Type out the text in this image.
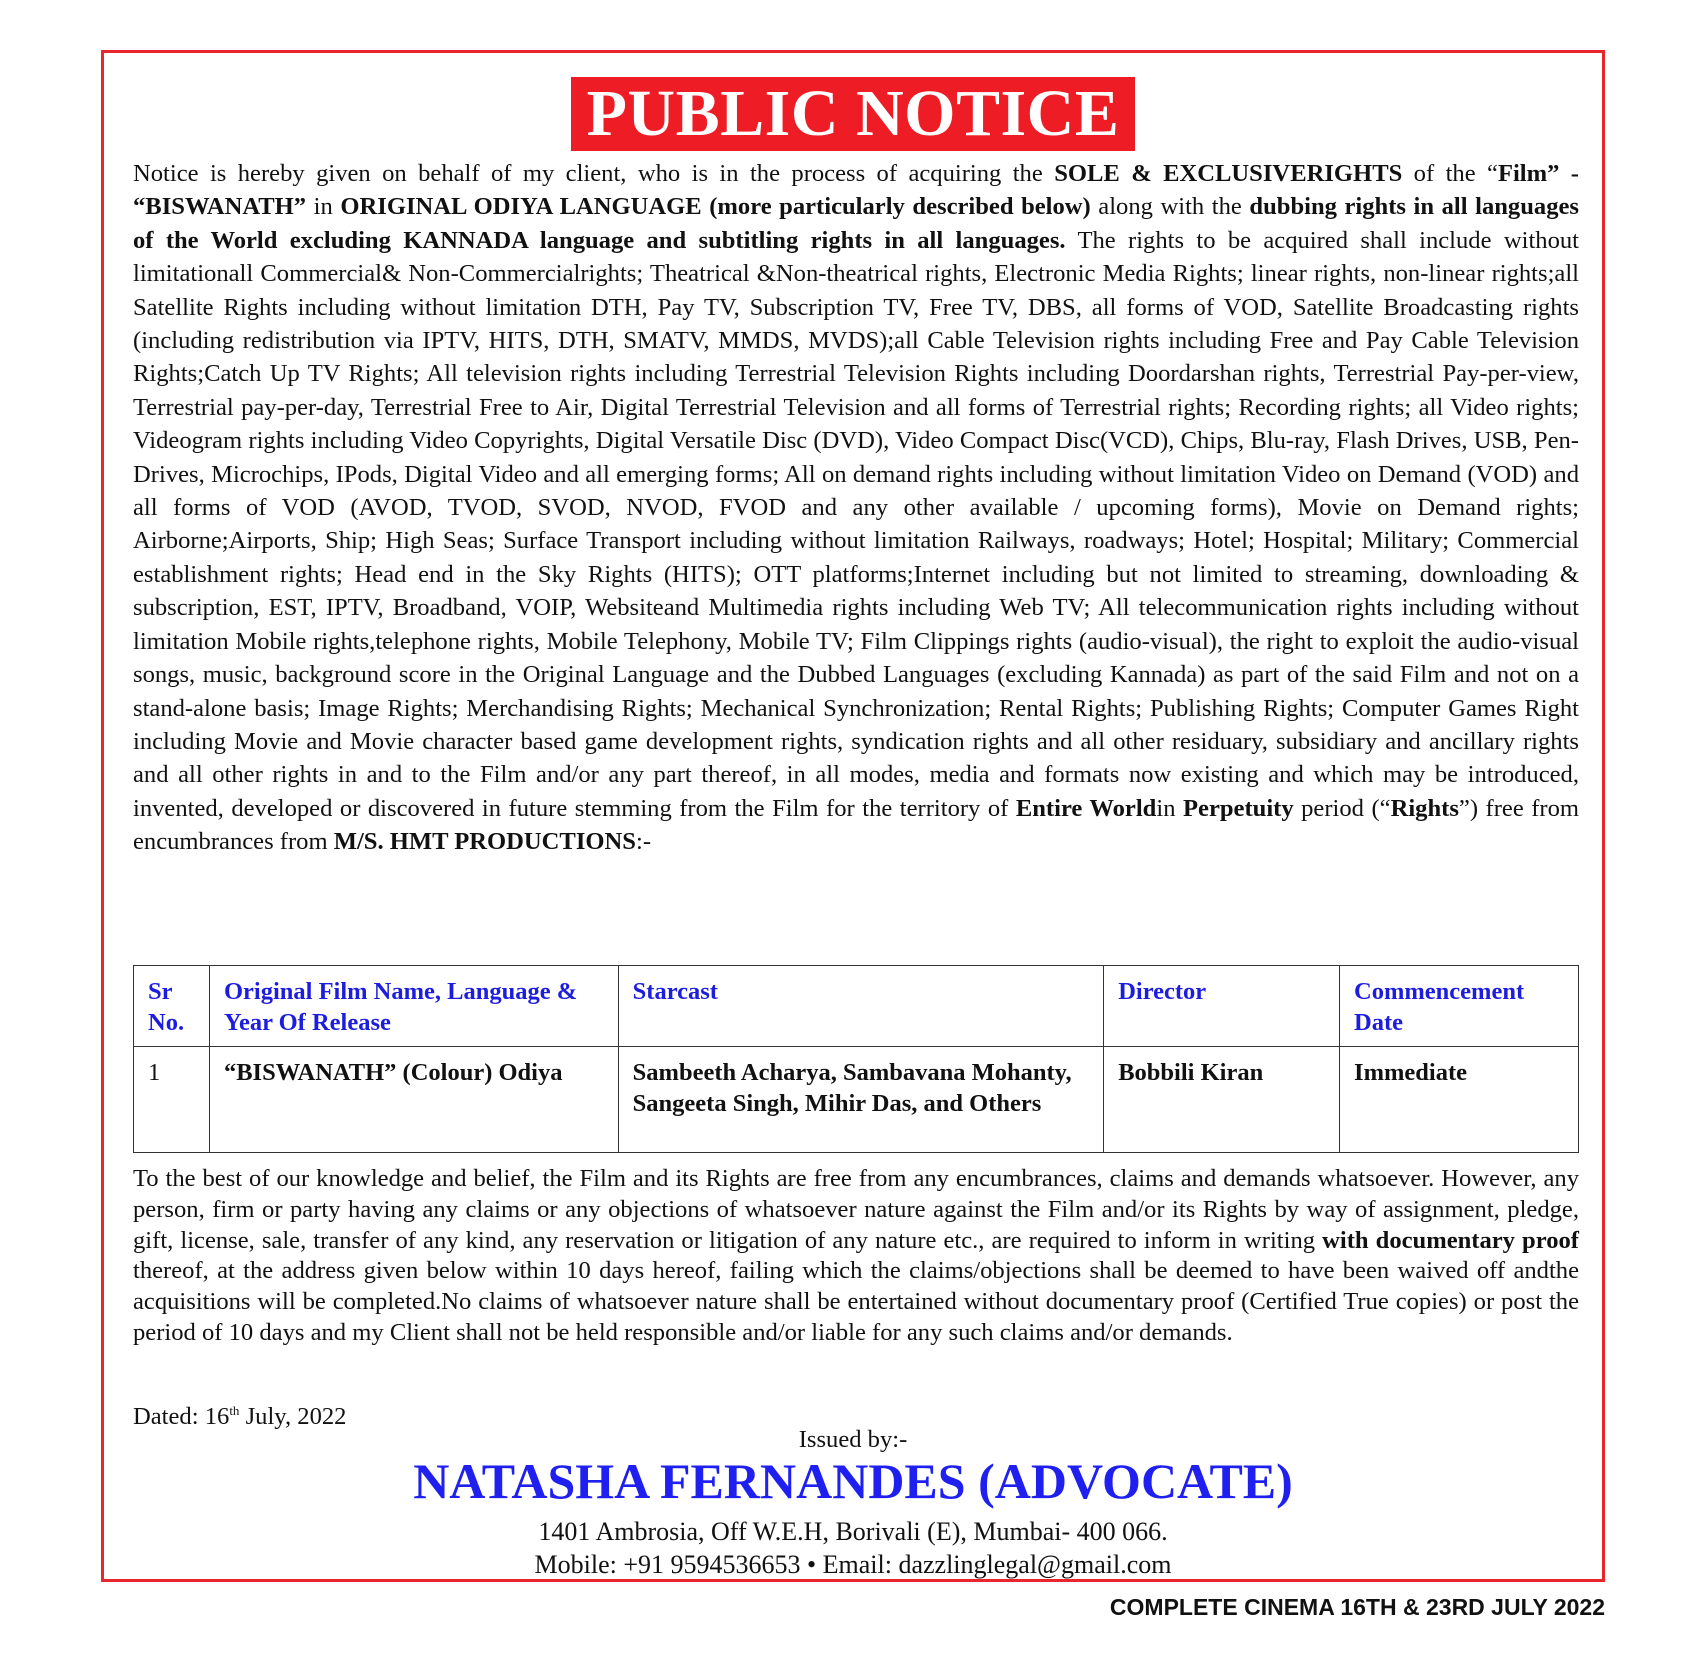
PUBLIC NOTICE
Notice is hereby given on behalf of my client, who is in the process of acquiring the SOLE & EXCLUSIVERIGHTS of the “Film” - “BISWANATH” in ORIGINAL ODIYA LANGUAGE (more particularly described below) along with the dubbing rights in all languages of the World excluding KANNADA language and subtitling rights in all languages. The rights to be acquired shall include without limitationall Commercial& Non-Commercialrights; Theatrical &Non-theatrical rights, Electronic Media Rights; linear rights, non-linear rights;all Satellite Rights including without limitation DTH, Pay TV, Subscription TV, Free TV, DBS, all forms of VOD, Satellite Broadcasting rights (including redistribution via IPTV, HITS, DTH, SMATV, MMDS, MVDS);all Cable Television rights including Free and Pay Cable Television Rights;Catch Up TV Rights; All television rights including Terrestrial Television Rights including Doordarshan rights, Terrestrial Pay-per-view, Terrestrial pay-per-day, Terrestrial Free to Air, Digital Terrestrial Television and all forms of Terrestrial rights; Recording rights; all Video rights; Videogram rights including Video Copyrights, Digital Versatile Disc (DVD), Video Compact Disc(VCD), Chips, Blu-ray, Flash Drives, USB, Pen- Drives, Microchips, IPods, Digital Video and all emerging forms; All on demand rights including without limitation Video on Demand (VOD) and all forms of VOD (AVOD, TVOD, SVOD, NVOD, FVOD and any other available / upcoming forms), Movie on Demand rights; Airborne;Airports, Ship; High Seas; Surface Transport including without limitation Railways, roadways; Hotel; Hospital; Military; Commercial establishment rights; Head end in the Sky Rights (HITS); OTT platforms;Internet including but not limited to streaming, downloading & subscription, EST, IPTV, Broadband, VOIP, Websiteand Multimedia rights including Web TV; All telecommunication rights including without limitation Mobile rights,telephone rights, Mobile Telephony, Mobile TV; Film Clippings rights (audio-visual), the right to exploit the audio-visual songs, music, background score in the Original Language and the Dubbed Languages (excluding Kannada) as part of the said Film and not on a stand-alone basis; Image Rights; Merchandising Rights; Mechanical Synchronization; Rental Rights; Publishing Rights; Computer Games Right including Movie and Movie character based game development rights, syndication rights and all other residuary, subsidiary and ancillary rights and all other rights in and to the Film and/or any part thereof, in all modes, media and formats now existing and which may be introduced, invented, developed or discovered in future stemming from the Film for the territory of Entire Worldin Perpetuity period (“Rights”) free from encumbrances from M/S. HMT PRODUCTIONS:-
Sr No.	Original Film Name, Language & Year Of Release	Starcast	Director	Commencement Date
1	“BISWANATH” (Colour) Odiya	Sambeeth Acharya, Sambavana Mohanty, Sangeeta Singh, Mihir Das, and Others	Bobbili Kiran	Immediate
To the best of our knowledge and belief, the Film and its Rights are free from any encumbrances, claims and demands whatsoever. However, any person, firm or party having any claims or any objections of whatsoever nature against the Film and/or its Rights by way of assignment, pledge, gift, license, sale, transfer of any kind, any reservation or litigation of any nature etc., are required to inform in writing with documentary proof thereof, at the address given below within 10 days hereof, failing which the claims/objections shall be deemed to have been waived off andthe acquisitions will be completed.No claims of whatsoever nature shall be entertained without documentary proof (Certified True copies) or post the period of 10 days and my Client shall not be held responsible and/or liable for any such claims and/or demands.
Dated: 16th July, 2022
Issued by:-
NATASHA FERNANDES (ADVOCATE)
1401 Ambrosia, Off W.E.H, Borivali (E), Mumbai- 400 066.
Mobile: +91 9594536653 • Email: dazzlinglegal@gmail.com
COMPLETE CINEMA 16TH & 23RD JULY 2022
